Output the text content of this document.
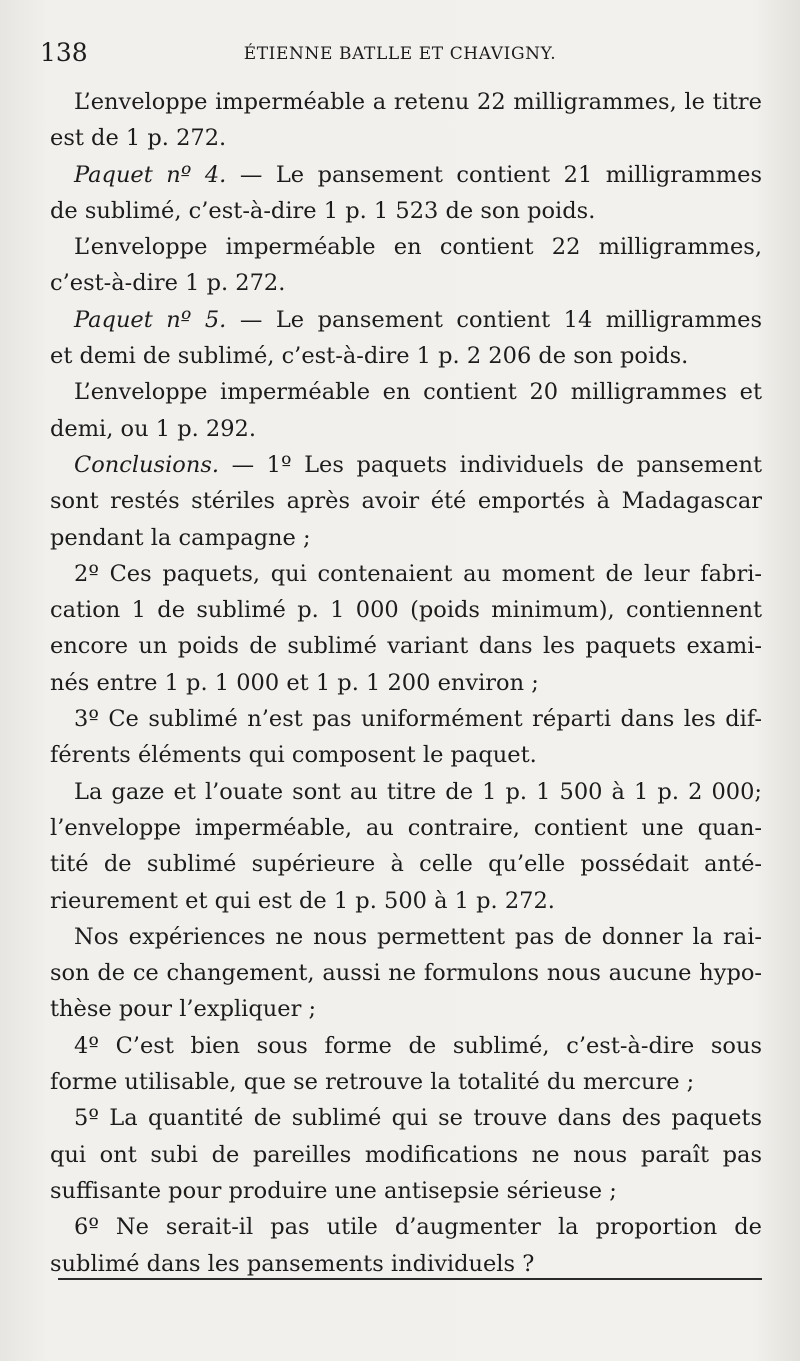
138	ÉTIENNE BATLLE ET CHAVIGNY.
L’enveloppe imperméable a retenu 22 milligrammes, le titre
est de 1 p. 272.
Paquet nº 4. — Le pansement contient 21 milligrammes
de sublimé, c’est-à-dire 1 p. 1 523 de son poids.
L’enveloppe imperméable en contient 22 milligrammes,
c’est-à-dire 1 p. 272.
Paquet nº 5. — Le pansement contient 14 milligrammes
et demi de sublimé, c’est-à-dire 1 p. 2 206 de son poids.
L’enveloppe imperméable en contient 20 milligrammes et
demi, ou 1 p. 292.
Conclusions. — 1º Les paquets individuels de pansement
sont restés stériles après avoir été emportés à Madagascar
pendant la campagne ;
2º Ces paquets, qui contenaient au moment de leur fabri-
cation 1 de sublimé p. 1 000 (poids minimum), contiennent
encore un poids de sublimé variant dans les paquets exami-
nés entre 1 p. 1 000 et 1 p. 1 200 environ ;
3º Ce sublimé n’est pas uniformément réparti dans les dif-
férents éléments qui composent le paquet.
La gaze et l’ouate sont au titre de 1 p. 1 500 à 1 p. 2 000;
l’enveloppe imperméable, au contraire, contient une quan-
tité de sublimé supérieure à celle qu’elle possédait anté-
rieurement et qui est de 1 p. 500 à 1 p. 272.
Nos expériences ne nous permettent pas de donner la rai-
son de ce changement, aussi ne formulons nous aucune hypo-
thèse pour l’expliquer ;
4º C’est bien sous forme de sublimé, c’est-à-dire sous
forme utilisable, que se retrouve la totalité du mercure ;
5º La quantité de sublimé qui se trouve dans des paquets
qui ont subi de pareilles modifications ne nous paraît pas
suffisante pour produire une antisepsie sérieuse ;
6º Ne serait-il pas utile d’augmenter la proportion de
sublimé dans les pansements individuels ?
